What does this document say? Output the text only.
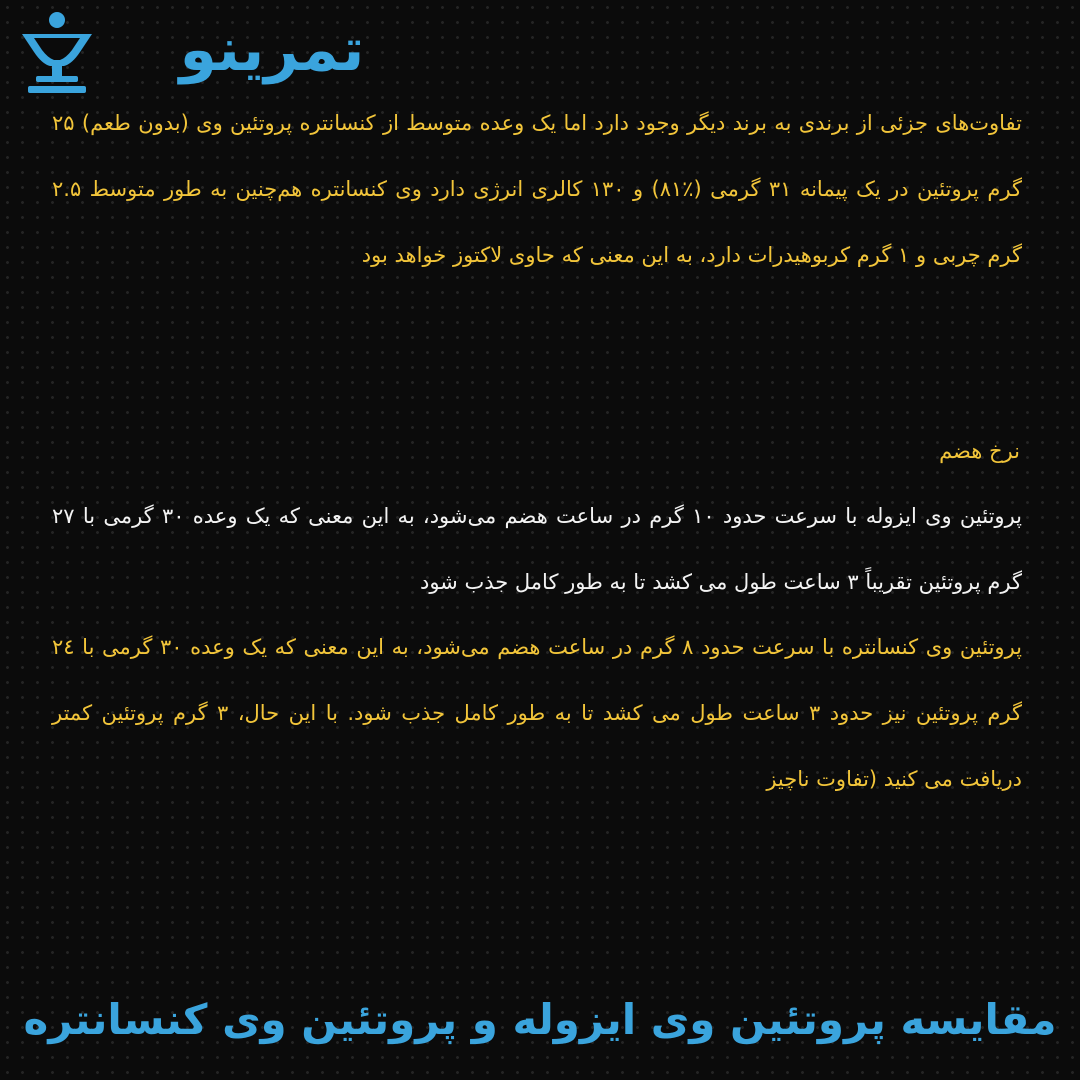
تمرینو

تفاوت‌های جزئی از برندی به برند دیگر وجود دارد اما یک وعده متوسط از کنسانتره پروتئین وی (بدون طعم) ۲۵ گرم پروتئین در یک پیمانه ۳۱ گرمی (٪۸۱) و ۱۳۰ کالری انرژی دارد وی کنسانتره هم‌چنین به طور متوسط ۲.۵ گرم چربی و ۱ گرم کربوهیدرات دارد، به این معنی که حاوی لاکتوز خواهد بود

نرخ هضم

پروتئین وی ایزوله با سرعت حدود ۱۰ گرم در ساعت هضم می‌شود، به این معنی که یک وعده ۳۰ گرمی با ۲۷ گرم پروتئین تقریباً ۳ ساعت طول می کشد تا به طور کامل جذب شود

پروتئین وی کنسانتره با سرعت حدود ۸ گرم در ساعت هضم می‌شود، به این معنی که یک وعده ۳۰ گرمی با ۲٤ گرم پروتئین نیز حدود ۳ ساعت طول می کشد تا به طور کامل جذب شود. با این حال، ۳ گرم پروتئین کمتر دریافت می کنید (تفاوت ناچیز

مقایسه پروتئین وی ایزوله و پروتئین وی کنسانتره
